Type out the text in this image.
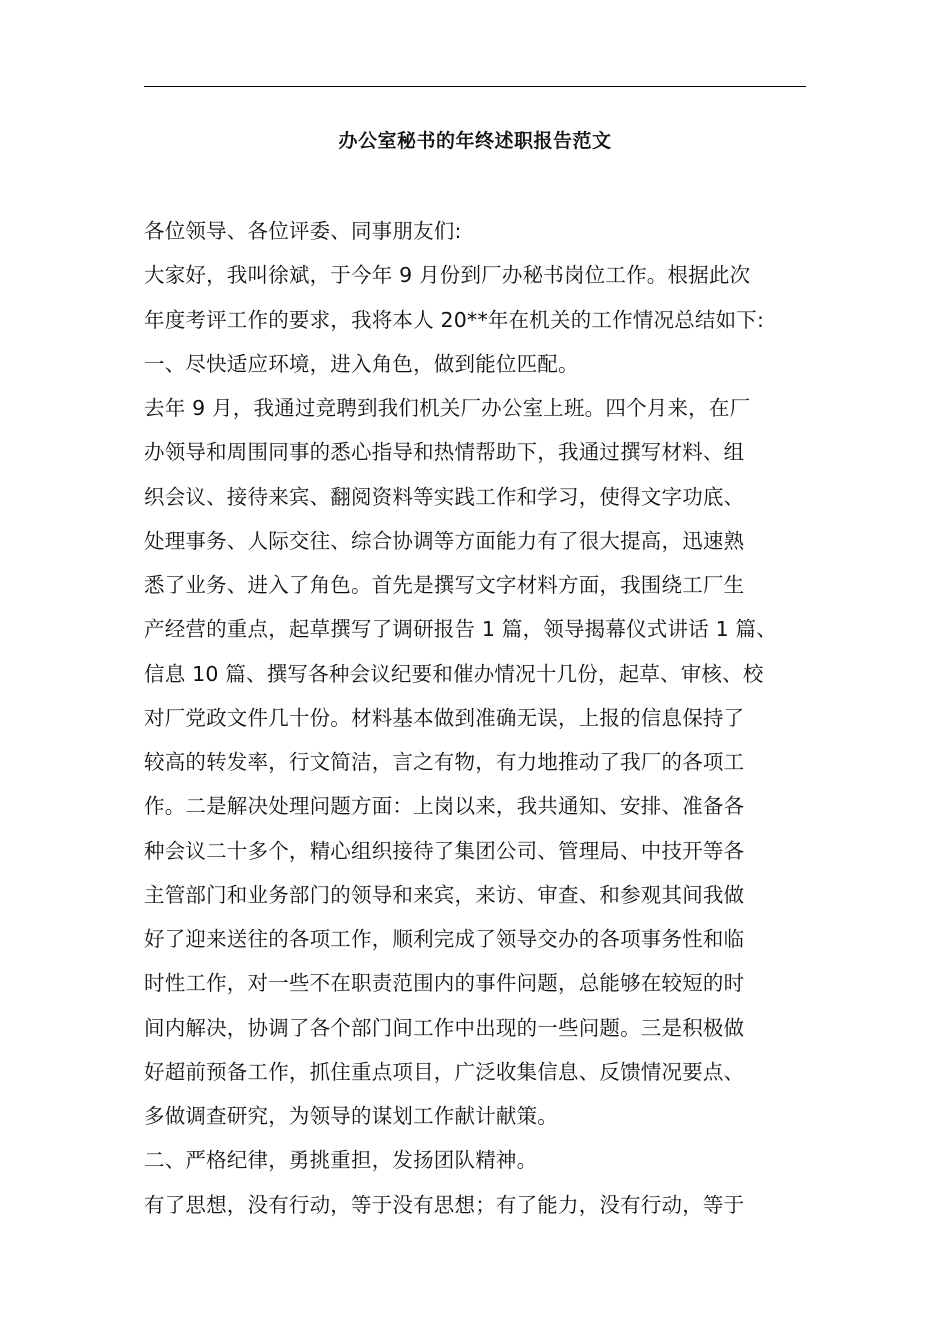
办公室秘书的年终述职报告范文
各位领导、各位评委、同事朋友们:
大家好，我叫徐斌，于今年 9 月份到厂办秘书岗位工作。根据此次
年度考评工作的要求，我将本人 20**年在机关的工作情况总结如下:
一、尽快适应环境，进入角色，做到能位匹配。
去年 9 月，我通过竞聘到我们机关厂办公室上班。四个月来，在厂
办领导和周围同事的悉心指导和热情帮助下，我通过撰写材料、组
织会议、接待来宾、翻阅资料等实践工作和学习，使得文字功底、
处理事务、人际交往、综合协调等方面能力有了很大提高，迅速熟
悉了业务、进入了角色。首先是撰写文字材料方面，我围绕工厂生
产经营的重点，起草撰写了调研报告 1 篇，领导揭幕仪式讲话 1 篇、
信息 10 篇、撰写各种会议纪要和催办情况十几份，起草、审核、校
对厂党政文件几十份。材料基本做到准确无误，上报的信息保持了
较高的转发率，行文简洁，言之有物，有力地推动了我厂的各项工
作。二是解决处理问题方面：上岗以来，我共通知、安排、准备各
种会议二十多个，精心组织接待了集团公司、管理局、中技开等各
主管部门和业务部门的领导和来宾，来访、审查、和参观其间我做
好了迎来送往的各项工作，顺利完成了领导交办的各项事务性和临
时性工作，对一些不在职责范围内的事件问题，总能够在较短的时
间内解决，协调了各个部门间工作中出现的一些问题。三是积极做
好超前预备工作，抓住重点项目，广泛收集信息、反馈情况要点、
多做调查研究，为领导的谋划工作献计献策。
二、严格纪律，勇挑重担，发扬团队精神。
有了思想，没有行动，等于没有思想；有了能力，没有行动，等于
